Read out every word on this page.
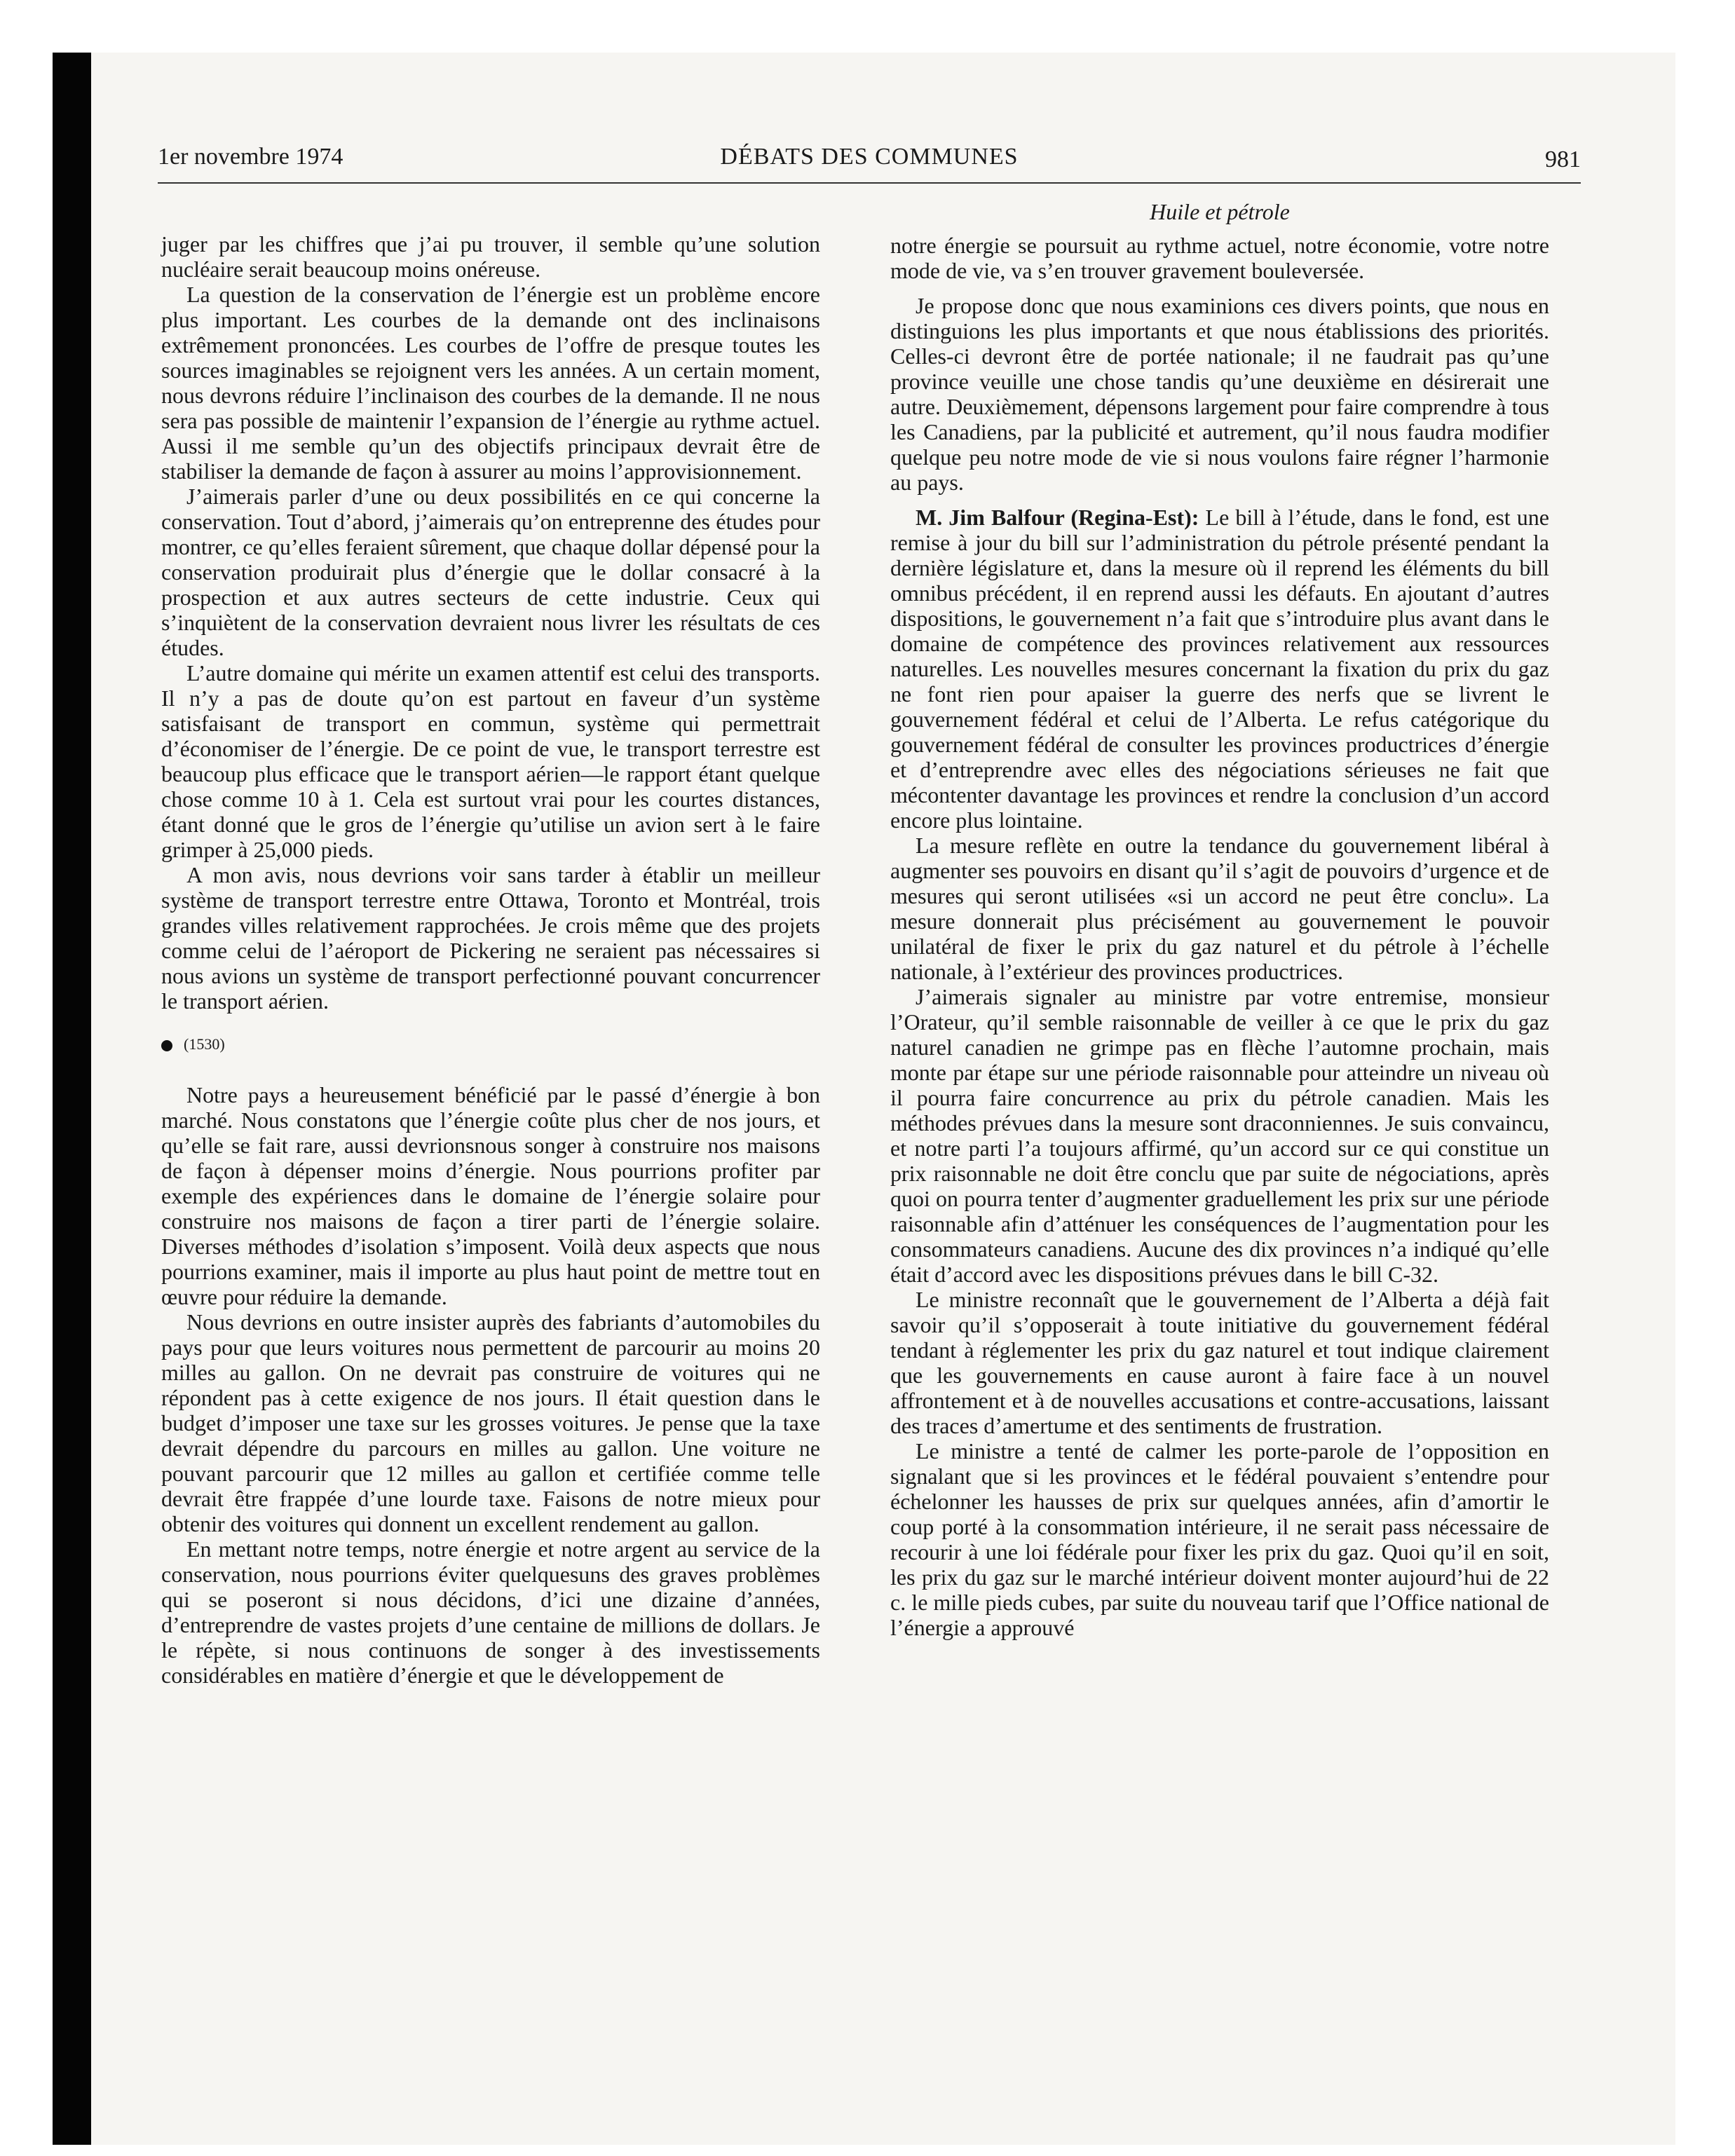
1er novembre 1974	DÉBATS DES COMMUNES	981

juger par les chiffres que j’ai pu trouver, il semble qu’une solution nucléaire serait beaucoup moins onéreuse.

La question de la conservation de l’énergie est un problème encore plus important. Les courbes de la demande ont des inclinaisons extrêmement prononcées. Les courbes de l’offre de presque toutes les sources imaginables se rejoignent vers les années. A un certain moment, nous devrons réduire l’inclinaison des courbes de la demande. Il ne nous sera pas possible de maintenir l’expansion de l’énergie au rythme actuel. Aussi il me semble qu’un des objectifs principaux devrait être de stabiliser la demande de façon à assurer au moins l’approvisionnement.

J’aimerais parler d’une ou deux possibilités en ce qui concerne la conservation. Tout d’abord, j’aimerais qu’on entreprenne des études pour montrer, ce qu’elles feraient sûrement, que chaque dollar dépensé pour la conservation produirait plus d’énergie que le dollar consacré à la prospection et aux autres secteurs de cette industrie. Ceux qui s’inquiètent de la conservation devraient nous livrer les résultats de ces études.

L’autre domaine qui mérite un examen attentif est celui des transports. Il n’y a pas de doute qu’on est partout en faveur d’un système satisfaisant de transport en commun, système qui permettrait d’économiser de l’énergie. De ce point de vue, le transport terrestre est beaucoup plus efficace que le transport aérien—le rapport étant quelque chose comme 10 à 1. Cela est surtout vrai pour les courtes distances, étant donné que le gros de l’énergie qu’utilise un avion sert à le faire grimper à 25,000 pieds.

A mon avis, nous devrions voir sans tarder à établir un meilleur système de transport terrestre entre Ottawa, Toronto et Montréal, trois grandes villes relativement rapprochées. Je crois même que des projets comme celui de l’aéroport de Pickering ne seraient pas nécessaires si nous avions un système de transport perfectionné pouvant concurrencer le transport aérien.

(1530)

Notre pays a heureusement bénéficié par le passé d’énergie à bon marché. Nous constatons que l’énergie coûte plus cher de nos jours, et qu’elle se fait rare, aussi devrionsnous songer à construire nos maisons de façon à dépenser moins d’énergie. Nous pourrions profiter par exemple des expériences dans le domaine de l’énergie solaire pour construire nos maisons de façon a tirer parti de l’énergie solaire. Diverses méthodes d’isolation s’imposent. Voilà deux aspects que nous pourrions examiner, mais il importe au plus haut point de mettre tout en œuvre pour réduire la demande.

Nous devrions en outre insister auprès des fabriants d’automobiles du pays pour que leurs voitures nous permettent de parcourir au moins 20 milles au gallon. On ne devrait pas construire de voitures qui ne répondent pas à cette exigence de nos jours. Il était question dans le budget d’imposer une taxe sur les grosses voitures. Je pense que la taxe devrait dépendre du parcours en milles au gallon. Une voiture ne pouvant parcourir que 12 milles au gallon et certifiée comme telle devrait être frappée d’une lourde taxe. Faisons de notre mieux pour obtenir des voitures qui donnent un excellent rendement au gallon.

En mettant notre temps, notre énergie et notre argent au service de la conservation, nous pourrions éviter quelquesuns des graves problèmes qui se poseront si nous décidons, d’ici une dizaine d’années, d’entreprendre de vastes projets d’une centaine de millions de dollars. Je le répète, si nous continuons de songer à des investissements considérables en matière d’énergie et que le développement de

Huile et pétrole

notre énergie se poursuit au rythme actuel, notre économie, votre notre mode de vie, va s’en trouver gravement bouleversée.

Je propose donc que nous examinions ces divers points, que nous en distinguions les plus importants et que nous établissions des priorités. Celles-ci devront être de portée nationale; il ne faudrait pas qu’une province veuille une chose tandis qu’une deuxième en désirerait une autre. Deuxièmement, dépensons largement pour faire comprendre à tous les Canadiens, par la publicité et autrement, qu’il nous faudra modifier quelque peu notre mode de vie si nous voulons faire régner l’harmonie au pays.

M. Jim Balfour (Regina-Est): Le bill à l’étude, dans le fond, est une remise à jour du bill sur l’administration du pétrole présenté pendant la dernière législature et, dans la mesure où il reprend les éléments du bill omnibus précédent, il en reprend aussi les défauts. En ajoutant d’autres dispositions, le gouvernement n’a fait que s’introduire plus avant dans le domaine de compétence des provinces relativement aux ressources naturelles. Les nouvelles mesures concernant la fixation du prix du gaz ne font rien pour apaiser la guerre des nerfs que se livrent le gouvernement fédéral et celui de l’Alberta. Le refus catégorique du gouvernement fédéral de consulter les provinces productrices d’énergie et d’entreprendre avec elles des négociations sérieuses ne fait que mécontenter davantage les provinces et rendre la conclusion d’un accord encore plus lointaine.

La mesure reflète en outre la tendance du gouvernement libéral à augmenter ses pouvoirs en disant qu’il s’agit de pouvoirs d’urgence et de mesures qui seront utilisées «si un accord ne peut être conclu». La mesure donnerait plus précisément au gouvernement le pouvoir unilatéral de fixer le prix du gaz naturel et du pétrole à l’échelle nationale, à l’extérieur des provinces productrices.

J’aimerais signaler au ministre par votre entremise, monsieur l’Orateur, qu’il semble raisonnable de veiller à ce que le prix du gaz naturel canadien ne grimpe pas en flèche l’automne prochain, mais monte par étape sur une période raisonnable pour atteindre un niveau où il pourra faire concurrence au prix du pétrole canadien. Mais les méthodes prévues dans la mesure sont draconniennes. Je suis convaincu, et notre parti l’a toujours affirmé, qu’un accord sur ce qui constitue un prix raisonnable ne doit être conclu que par suite de négociations, après quoi on pourra tenter d’augmenter graduellement les prix sur une période raisonnable afin d’atténuer les conséquences de l’augmentation pour les consommateurs canadiens. Aucune des dix provinces n’a indiqué qu’elle était d’accord avec les dispositions prévues dans le bill C-32.

Le ministre reconnaît que le gouvernement de l’Alberta a déjà fait savoir qu’il s’opposerait à toute initiative du gouvernement fédéral tendant à réglementer les prix du gaz naturel et tout indique clairement que les gouvernements en cause auront à faire face à un nouvel affrontement et à de nouvelles accusations et contre-accusations, laissant des traces d’amertume et des sentiments de frustration.

Le ministre a tenté de calmer les porte-parole de l’opposition en signalant que si les provinces et le fédéral pouvaient s’entendre pour échelonner les hausses de prix sur quelques années, afin d’amortir le coup porté à la consommation intérieure, il ne serait pass nécessaire de recourir à une loi fédérale pour fixer les prix du gaz. Quoi qu’il en soit, les prix du gaz sur le marché intérieur doivent monter aujourd’hui de 22 c. le mille pieds cubes, par suite du nouveau tarif que l’Office national de l’énergie a approuvé
